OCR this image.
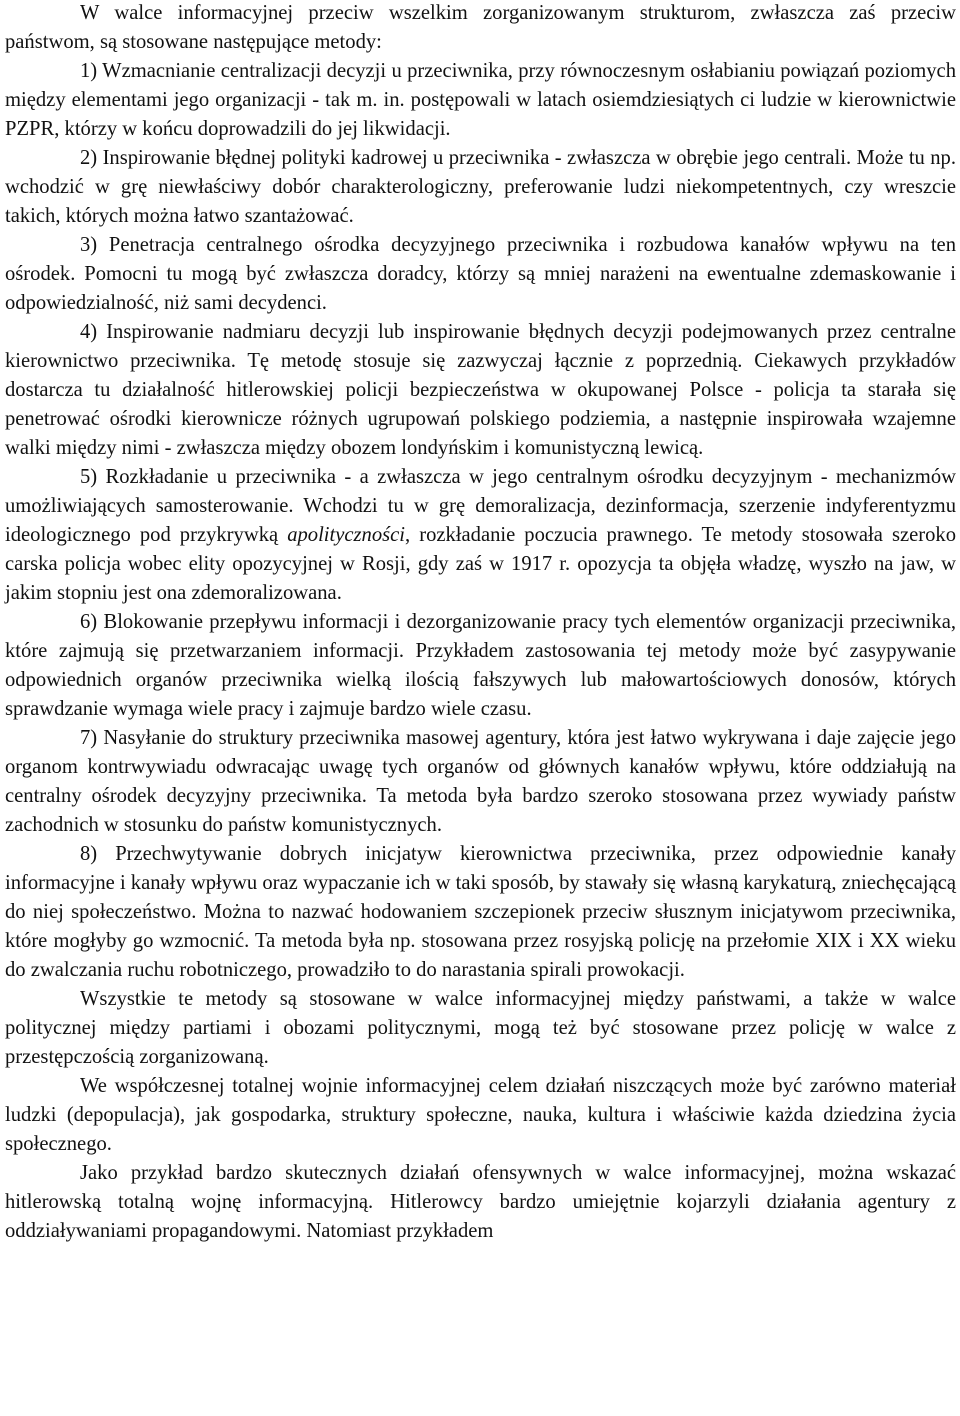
W walce informacyjnej przeciw wszelkim zorganizowanym strukturom, zwłaszcza zaś przeciw państwom, są stosowane następujące metody:

1) Wzmacnianie centralizacji decyzji u przeciwnika, przy równoczesnym osłabianiu powiązań poziomych między elementami jego organizacji - tak m. in. postępowali w latach osiemdziesiątych ci ludzie w kierownictwie PZPR, którzy w końcu doprowadzili do jej likwidacji.

2) Inspirowanie błędnej polityki kadrowej u przeciwnika - zwłaszcza w obrębie jego centrali. Może tu np. wchodzić w grę niewłaściwy dobór charakterologiczny, preferowanie ludzi niekompetentnych, czy wreszcie takich, których można łatwo szantażować.

3) Penetracja centralnego ośrodka decyzyjnego przeciwnika i rozbudowa kanałów wpływu na ten ośrodek. Pomocni tu mogą być zwłaszcza doradcy, którzy są mniej narażeni na ewentualne zdemaskowanie i odpowiedzialność, niż sami decydenci.

4) Inspirowanie nadmiaru decyzji lub inspirowanie błędnych decyzji podejmowanych przez centralne kierownictwo przeciwnika. Tę metodę stosuje się zazwyczaj łącznie z poprzednią. Ciekawych przykładów dostarcza tu działalność hitlerowskiej policji bezpieczeństwa w okupowanej Polsce - policja ta starała się penetrować ośrodki kierownicze różnych ugrupowań polskiego podziemia, a następnie inspirowała wzajemne walki między nimi - zwłaszcza między obozem londyńskim i komunistyczną lewicą.

5) Rozkładanie u przeciwnika - a zwłaszcza w jego centralnym ośrodku decyzyjnym - mechanizmów umożliwiających samosterowanie. Wchodzi tu w grę demoralizacja, dezinformacja, szerzenie indyferentyzmu ideologicznego pod przykrywką apolityczności, rozkładanie poczucia prawnego. Te metody stosowała szeroko carska policja wobec elity opozycyjnej w Rosji, gdy zaś w 1917 r. opozycja ta objęła władzę, wyszło na jaw, w jakim stopniu jest ona zdemoralizowana.

6) Blokowanie przepływu informacji i dezorganizowanie pracy tych elementów organizacji przeciwnika, które zajmują się przetwarzaniem informacji. Przykładem zastosowania tej metody może być zasypywanie odpowiednich organów przeciwnika wielką ilością fałszywych lub małowartościowych donosów, których sprawdzanie wymaga wiele pracy i zajmuje bardzo wiele czasu.

7) Nasyłanie do struktury przeciwnika masowej agentury, która jest łatwo wykrywana i daje zajęcie jego organom kontrwywiadu odwracając uwagę tych organów od głównych kanałów wpływu, które oddziałują na centralny ośrodek decyzyjny przeciwnika. Ta metoda była bardzo szeroko stosowana przez wywiady państw zachodnich w stosunku do państw komunistycznych.

8) Przechwytywanie dobrych inicjatyw kierownictwa przeciwnika, przez odpowiednie kanały informacyjne i kanały wpływu oraz wypaczanie ich w taki sposób, by stawały się własną karykaturą, zniechęcającą do niej społeczeństwo. Można to nazwać hodowaniem szczepionek przeciw słusznym inicjatywom przeciwnika, które mogłyby go wzmocnić. Ta metoda była np. stosowana przez rosyjską policję na przełomie XIX i XX wieku do zwalczania ruchu robotniczego, prowadziło to do narastania spirali prowokacji.

Wszystkie te metody są stosowane w walce informacyjnej między państwami, a także w walce politycznej między partiami i obozami politycznymi, mogą też być stosowane przez policję w walce z przestępczością zorganizowaną.

We współczesnej totalnej wojnie informacyjnej celem działań niszczących może być zarówno materiał ludzki (depopulacja), jak gospodarka, struktury społeczne, nauka, kultura i właściwie każda dziedzina życia społecznego.

Jako przykład bardzo skutecznych działań ofensywnych w walce informacyjnej, można wskazać hitlerowską totalną wojnę informacyjną. Hitlerowcy bardzo umiejętnie kojarzyli działania agentury z oddziaływaniami propagandowymi. Natomiast przykładem
